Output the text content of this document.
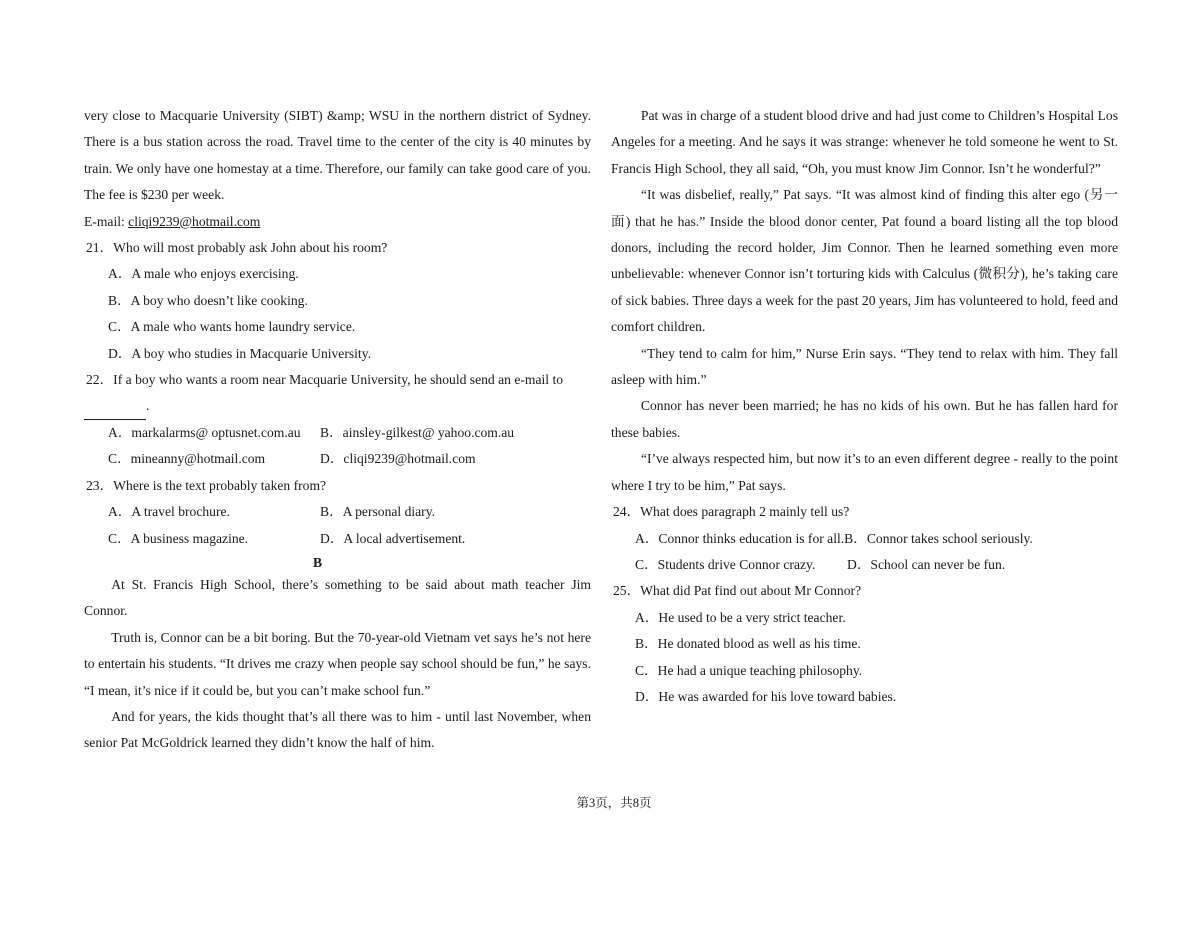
very close to Macquarie University (SIBT) &amp; WSU in the northern district of Sydney. There is a bus station across the road. Travel time to the center of the city is 40 minutes by train. We only have one homestay at a time. Therefore, our family can take good care of you. The fee is $230 per week.

E-mail: cliqi9239@hotmail.com

21．Who will most probably ask John about his room?

A．A male who enjoys exercising.

B．A boy who doesn’t like cooking.

C．A male who wants home laundry service.

D．A boy who studies in Macquarie University.

22．If a boy who wants a room near Macquarie University, he should send an e-mail to

.

A．markalarms@ optusnet.com.au	B．ainsley-gilkest@ yahoo.com.au

C．mineanny@hotmail.com	D．cliqi9239@hotmail.com

23．Where is the text probably taken from?

A．A travel brochure.	B．A personal diary.

C．A business magazine.	D．A local advertisement.

B

At St. Francis High School, there’s something to be said about math teacher Jim Connor.

Truth is, Connor can be a bit boring. But the 70-year-old Vietnam vet says he’s not here to entertain his students. “It drives me crazy when people say school should be fun,” he says. “I mean, it’s nice if it could be, but you can’t make school fun.”

And for years, the kids thought that’s all there was to him - until last November, when senior Pat McGoldrick learned they didn’t know the half of him.

Pat was in charge of a student blood drive and had just come to Children’s Hospital Los Angeles for a meeting. And he says it was strange: whenever he told someone he went to St. Francis High School, they all said, “Oh, you must know Jim Connor. Isn’t he wonderful?”

“It was disbelief, really,” Pat says. “It was almost kind of finding this alter ego (另一面) that he has.” Inside the blood donor center, Pat found a board listing all the top blood donors, including the record holder, Jim Connor. Then he learned something even more unbelievable: whenever Connor isn’t torturing kids with Calculus (微积分), he’s taking care of sick babies. Three days a week for the past 20 years, Jim has volunteered to hold, feed and comfort children.

“They tend to calm for him,” Nurse Erin says. “They tend to relax with him. They fall asleep with him.”

Connor has never been married; he has no kids of his own. But he has fallen hard for these babies.

“I’ve always respected him, but now it’s to an even different degree - really to the point where I try to be him,” Pat says.

24．What does paragraph 2 mainly tell us?

A．Connor thinks education is for all. B．Connor takes school seriously.

C．Students drive Connor crazy.	D．School can never be fun.

25．What did Pat find out about Mr Connor?

A．He used to be a very strict teacher.

B．He donated blood as well as his time.

C．He had a unique teaching philosophy.

D．He was awarded for his love toward babies.

第3页，共8页
